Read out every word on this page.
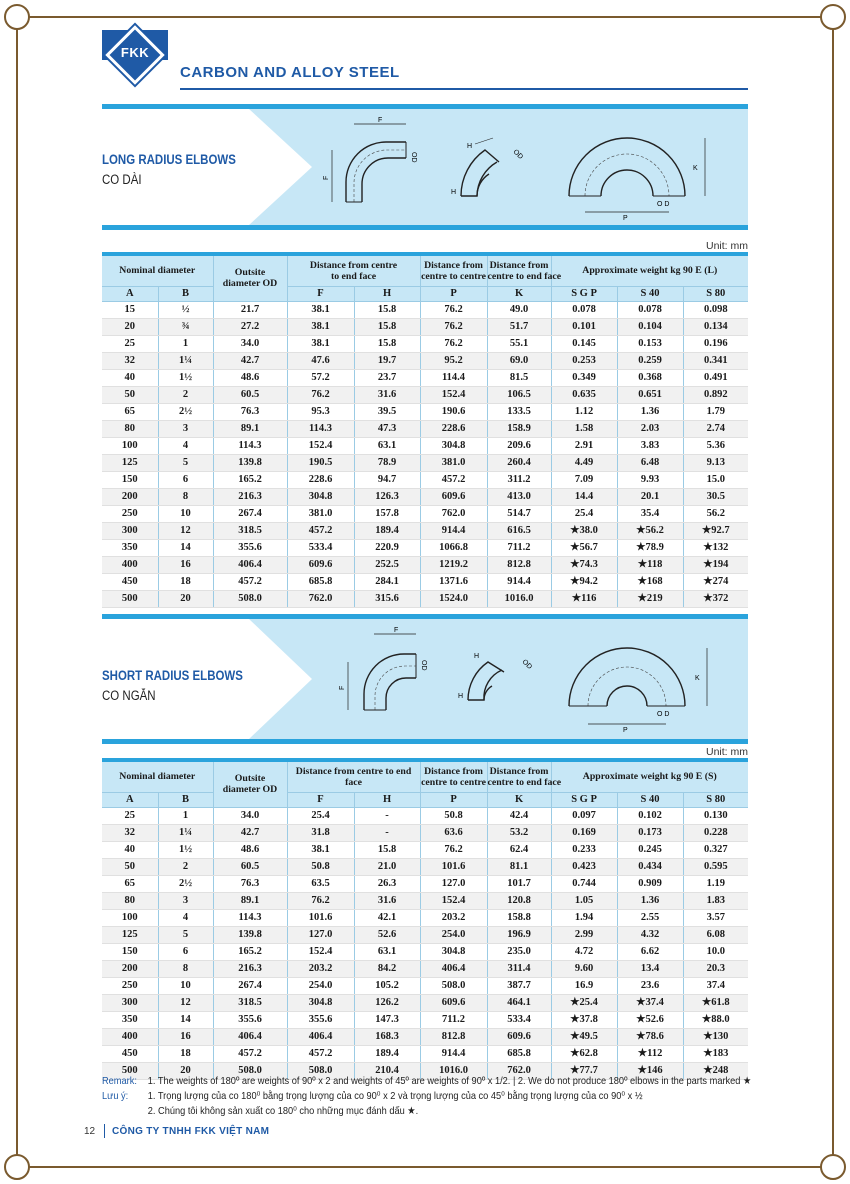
FKK
CARBON AND ALLOY STEEL
LONG RADIUS ELBOWS
CO DÀI
F
OD
F
H
OD
H
K
P
O D
Unit: mm
Nominal diameter		Outsite
diameter OD	Distance from centre
to end face		Distance from
centre to centre	Distance from
centre to end face	Approximate weight kg 90 E (L)		
A	B		F	H	P	K	S G P	S 40	S 80
15	½	21.7	38.1	15.8	76.2	49.0	0.078	0.078	0.098
20	¾	27.2	38.1	15.8	76.2	51.7	0.101	0.104	0.134
25	1	34.0	38.1	15.8	76.2	55.1	0.145	0.153	0.196
32	1¼	42.7	47.6	19.7	95.2	69.0	0.253	0.259	0.341
40	1½	48.6	57.2	23.7	114.4	81.5	0.349	0.368	0.491
50	2	60.5	76.2	31.6	152.4	106.5	0.635	0.651	0.892
65	2½	76.3	95.3	39.5	190.6	133.5	1.12	1.36	1.79
80	3	89.1	114.3	47.3	228.6	158.9	1.58	2.03	2.74
100	4	114.3	152.4	63.1	304.8	209.6	2.91	3.83	5.36
125	5	139.8	190.5	78.9	381.0	260.4	4.49	6.48	9.13
150	6	165.2	228.6	94.7	457.2	311.2	7.09	9.93	15.0
200	8	216.3	304.8	126.3	609.6	413.0	14.4	20.1	30.5
250	10	267.4	381.0	157.8	762.0	514.7	25.4	35.4	56.2
300	12	318.5	457.2	189.4	914.4	616.5	★38.0	★56.2	★92.7
350	14	355.6	533.4	220.9	1066.8	711.2	★56.7	★78.9	★132
400	16	406.4	609.6	252.5	1219.2	812.8	★74.3	★118	★194
450	18	457.2	685.8	284.1	1371.6	914.4	★94.2	★168	★274
500	20	508.0	762.0	315.6	1524.0	1016.0	★116	★219	★372
SHORT RADIUS ELBOWS
CO NGẮN
F
OD
F
H
OD
H
K
P
O D
Unit: mm
Nominal diameter		Outsite
diameter OD	Distance from centre to end
face		Distance from
centre to centre	Distance from
centre to end face	Approximate weight kg 90 E (S)		
A	B		F	H	P	K	S G P	S 40	S 80
25	1	34.0	25.4	-	50.8	42.4	0.097	0.102	0.130
32	1¼	42.7	31.8	-	63.6	53.2	0.169	0.173	0.228
40	1½	48.6	38.1	15.8	76.2	62.4	0.233	0.245	0.327
50	2	60.5	50.8	21.0	101.6	81.1	0.423	0.434	0.595
65	2½	76.3	63.5	26.3	127.0	101.7	0.744	0.909	1.19
80	3	89.1	76.2	31.6	152.4	120.8	1.05	1.36	1.83
100	4	114.3	101.6	42.1	203.2	158.8	1.94	2.55	3.57
125	5	139.8	127.0	52.6	254.0	196.9	2.99	4.32	6.08
150	6	165.2	152.4	63.1	304.8	235.0	4.72	6.62	10.0
200	8	216.3	203.2	84.2	406.4	311.4	9.60	13.4	20.3
250	10	267.4	254.0	105.2	508.0	387.7	16.9	23.6	37.4
300	12	318.5	304.8	126.2	609.6	464.1	★25.4	★37.4	★61.8
350	14	355.6	355.6	147.3	711.2	533.4	★37.8	★52.6	★88.0
400	16	406.4	406.4	168.3	812.8	609.6	★49.5	★78.6	★130
450	18	457.2	457.2	189.4	914.4	685.8	★62.8	★112	★183
500	20	508.0	508.0	210.4	1016.0	762.0	★77.7	★146	★248
Remark: 1. The weights of 180º are weights of 90º x 2 and weights of 45º are weights of 90º x 1/2. | 2. We do not produce 180º elbows in the parts marked ★
Lưu ý: 1. Trọng lượng của co 180⁰ bằng trọng lượng của co 90⁰ x 2 và trọng lượng của co 45⁰ bằng trọng lượng của co 90⁰ x ½
2. Chúng tôi không sản xuất co 180⁰ cho những mục đánh dấu ★.
12 CÔNG TY TNHH FKK VIỆT NAM
